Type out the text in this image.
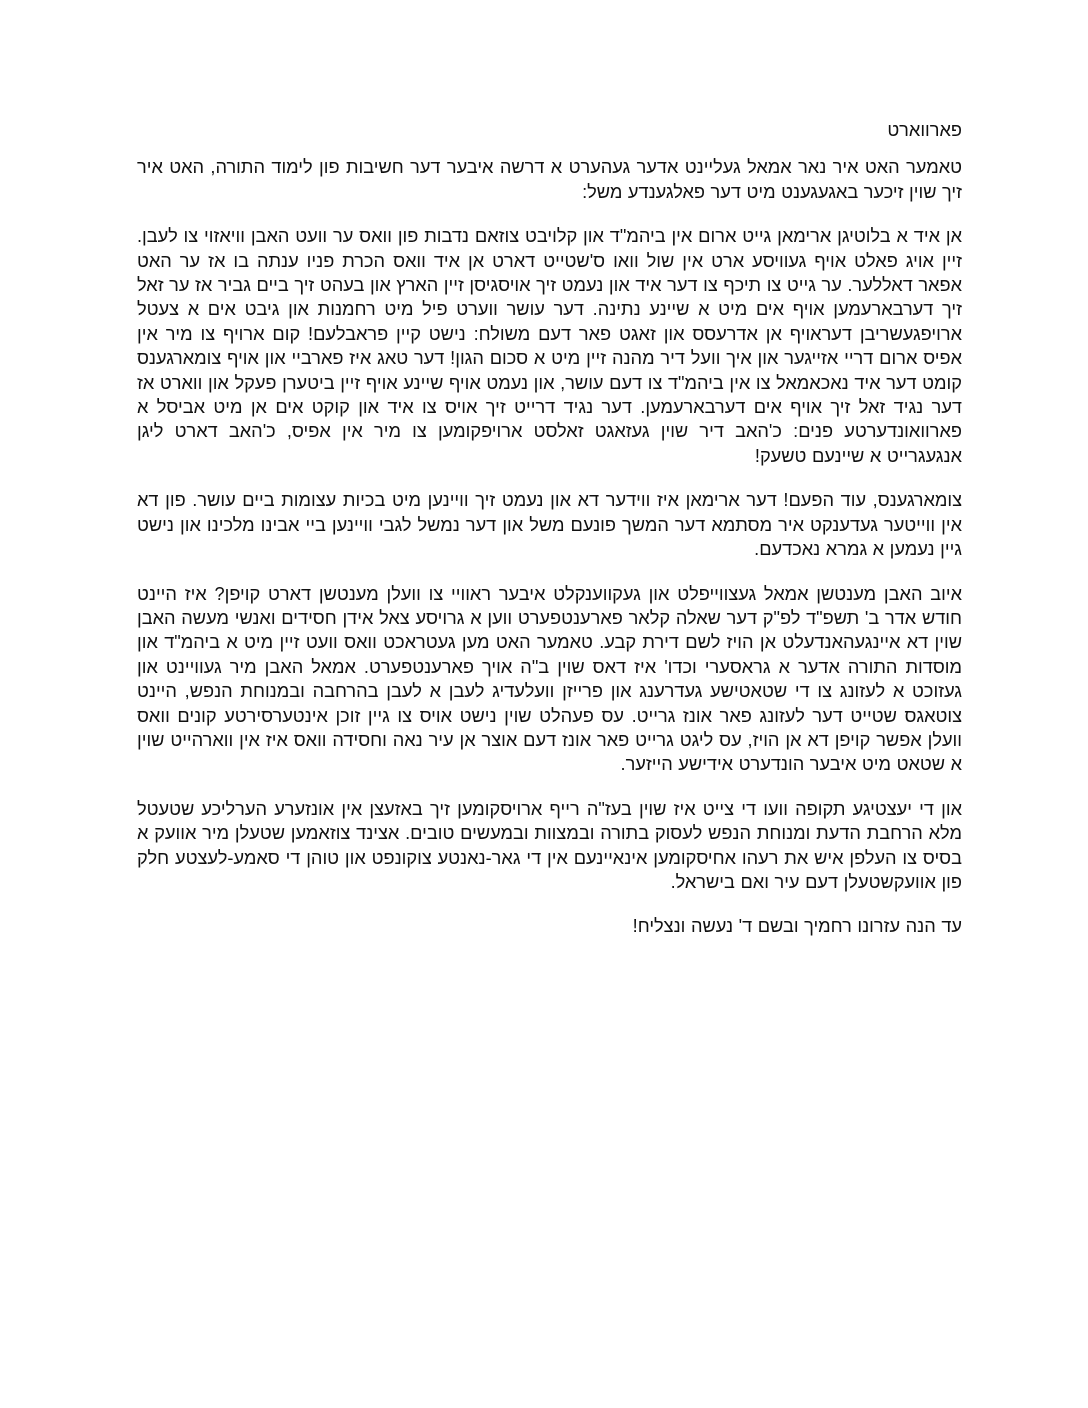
פארווארט

טאמער האט איר נאר אמאל געליינט אדער געהערט א דרשה איבער דער חשיבות פון לימוד התורה, האט איר זיך שוין זיכער באגעגענט מיט דער פאלגענדע משל:

אן איד א בלוטיגן ארימאן גייט ארום אין ביהמ"ד און קלויבט צוזאם נדבות פון וואס ער וועט האבן וויאזוי צו לעבן. זיין אויג פאלט אויף געוויסע ארט אין שול וואו ס'שטייט דארט אן איד וואס הכרת פניו ענתה בו אז ער האט אפאר דאללער. ער גייט צו תיכף צו דער איד און נעמט זיך אויסגיסן זיין הארץ און בעהט זיך ביים גביר אז ער זאל זיך דערבארעמען אויף אים מיט א שיינע נתינה. דער עושר ווערט פיל מיט רחמנות און גיבט אים א צעטל ארויפגעשריבן דעראויף אן אדרעסס און זאגט פאר דעם משולח: נישט קיין פראבלעם! קום ארויף צו מיר אין אפיס ארום דריי אזייגער און איך וועל דיר מהנה זיין מיט א סכום הגון! דער טאג איז פארביי און אויף צומארגענס קומט דער איד נאכאמאל צו אין ביהמ"ד צו דעם עושר, און נעמט אויף שיינע אויף זיין ביטערן פעקל און ווארט אז דער נגיד זאל זיך אויף אים דערבארעמען. דער נגיד דרייט זיך אויס צו איד און קוקט אים אן מיט אביסל א פארוואונדערטע פנים: כ'האב דיר שוין געזאגט זאלסט ארויפקומען צו מיר אין אפיס, כ'האב דארט ליגן אנגעגרייט א שיינעם טשעק!

צומארגענס, עוד הפעם! דער ארימאן איז ווידער דא און נעמט זיך וויינען מיט בכיות עצומות ביים עושר. פון דא אין ווייטער געדענקט איר מסתמא דער המשך פונעם משל און דער נמשל לגבי וויינען ביי אבינו מלכינו און נישט גיין נעמען א גמרא נאכדעם.

איוב האבן מענטשן אמאל געצווייפלט און געקווענקלט איבער ראוויי צו וועלן מענטשן דארט קויפן? איז היינט חודש אדר ב' תשפ"ד לפ"ק דער שאלה קלאר פארענטפערט ווען א גרויסע צאל אידן חסידים ואנשי מעשה האבן שוין דא איינגעהאנדעלט אן הויז לשם דירת קבע. טאמער האט מען געטראכט וואס וועט זיין מיט א ביהמ"ד און מוסדות התורה אדער א גראסערי וכדו' איז דאס שוין ב"ה אויך פארענטפערט. אמאל האבן מיר געוויינט און געזוכט א לעזונג צו די שטאטישע געדרענג און פרייזן וועלעדיג לעבן א לעבן בהרחבה ובמנוחת הנפש, היינט צוטאגס שטייט דער לעזונג פאר אונז גרייט. עס פעהלט שוין נישט אויס צו גיין זוכן אינטערסירטע קונים וואס וועלן אפשר קויפן דא אן הויז, עס ליגט גרייט פאר אונז דעם אוצר אן עיר נאה וחסידה וואס איז אין ווארהייט שוין א שטאט מיט איבער הונדערט אידישע הייזער.

און די יעצטיגע תקופה וועו די צייט איז שוין בעז"ה רייף ארויסקומען זיך באזעצן אין אונזערע הערליכע שטעטל מלא הרחבת הדעת ומנוחת הנפש לעסוק בתורה ובמצוות ובמעשים טובים. אצינד צוזאמען שטעלן מיר אוועק א בסיס צו העלפן איש את רעהו אחיסקומען אינאיינעם אין די גאר-נאנטע צוקונפט און טוהן די סאמע-לעצטע חלק פון אוועקשטעלן דעם עיר ואם בישראל.

עד הנה עזרונו רחמיך ובשם ד' נעשה ונצליח!
